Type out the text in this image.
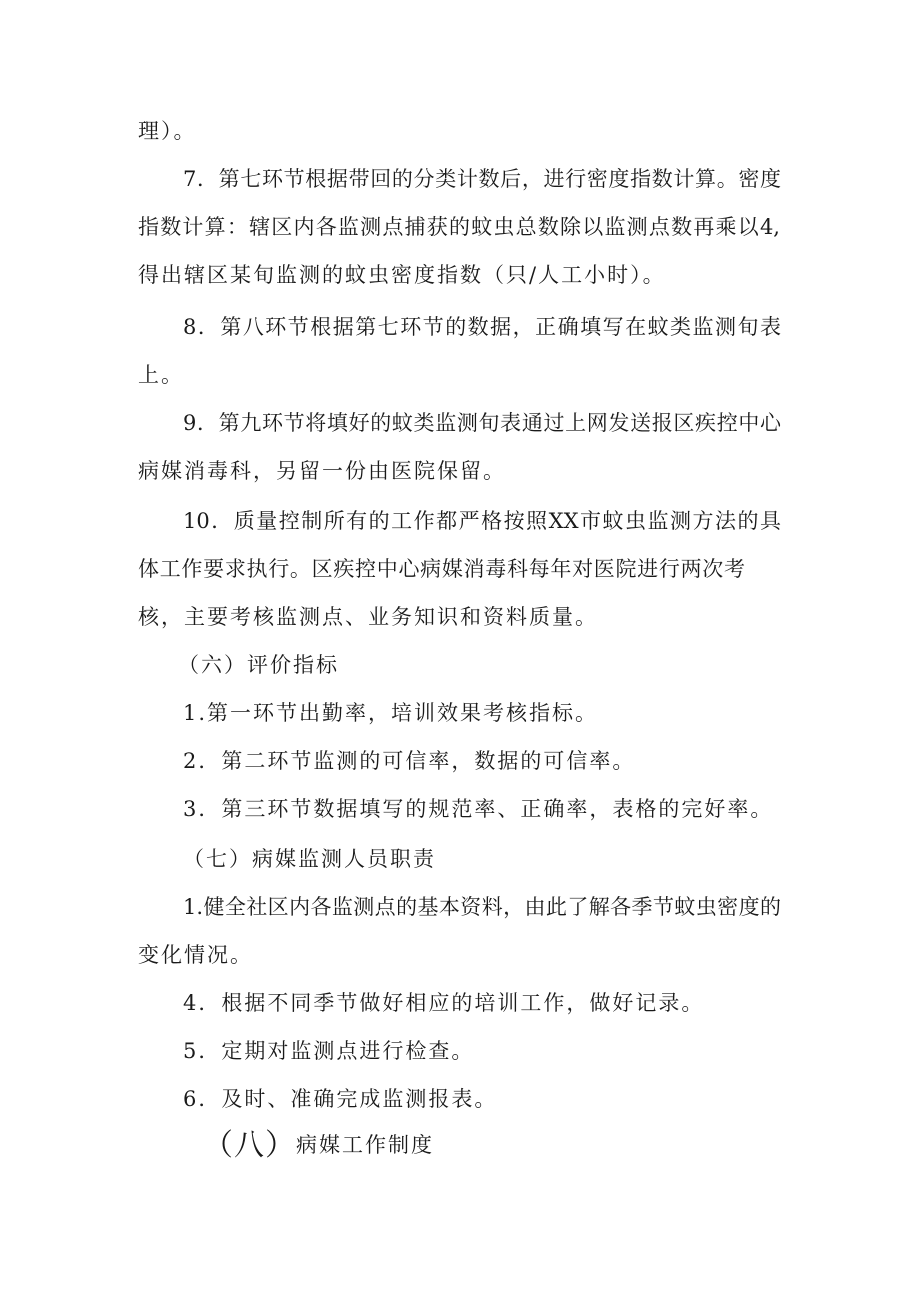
理）。
7．第七环节根据带回的分类计数后，进行密度指数计算。密度
指数计算：辖区内各监测点捕获的蚊虫总数除以监测点数再乘以4,
得出辖区某旬监测的蚊虫密度指数（只/人工小时）。
8．第八环节根据第七环节的数据，正确填写在蚊类监测旬表
上。
9．第九环节将填好的蚊类监测旬表通过上网发送报区疾控中心
病媒消毒科，另留一份由医院保留。
10．质量控制所有的工作都严格按照XX市蚊虫监测方法的具
体工作要求执行。区疾控中心病媒消毒科每年对医院进行两次考
核，主要考核监测点、业务知识和资料质量。
（六）评价指标
1.第一环节出勤率，培训效果考核指标。
2．第二环节监测的可信率，数据的可信率。
3．第三环节数据填写的规范率、正确率，表格的完好率。
（七）病媒监测人员职责
1.健全社区内各监测点的基本资料，由此了解各季节蚊虫密度的
变化情况。
4．根据不同季节做好相应的培训工作，做好记录。
5．定期对监测点进行检查。
6．及时、准确完成监测报表。
（八）病媒工作制度
